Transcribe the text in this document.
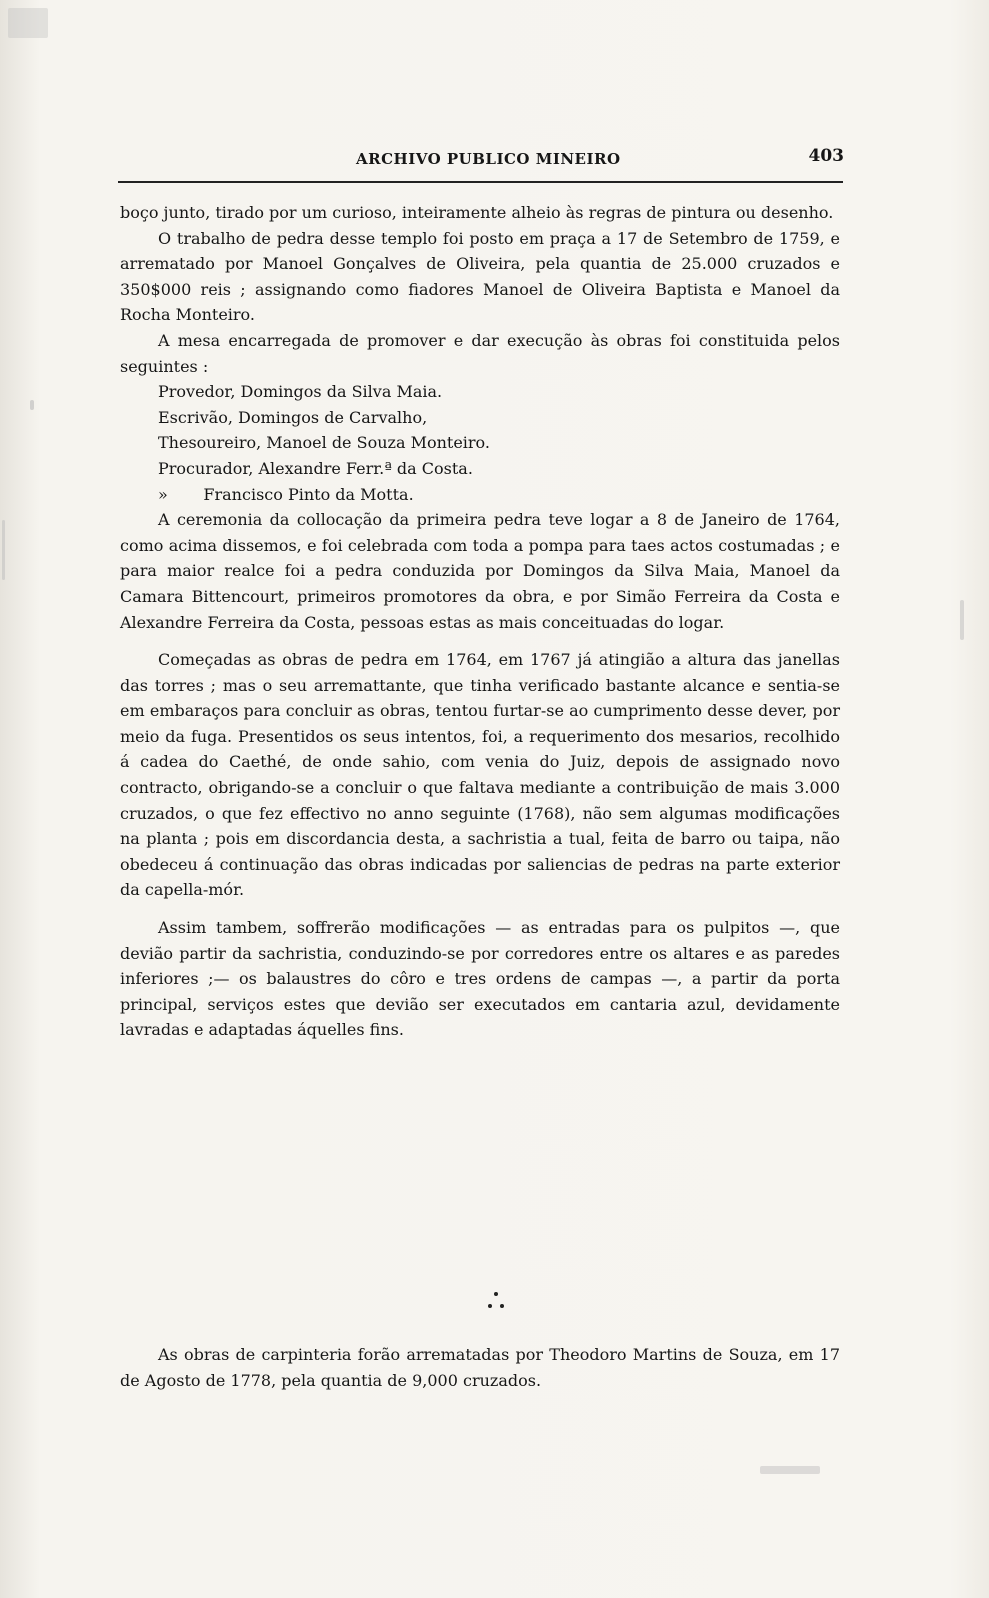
ARCHIVO PUBLICO MINEIRO	403

boço junto, tirado por um curioso, inteiramente alheio às regras de pintura ou desenho.

O trabalho de pedra desse templo foi posto em praça a 17 de Setembro de 1759, e arrematado por Manoel Gonçalves de Oliveira, pela quantia de 25.000 cruzados e 350$000 reis ; assignando como fiadores Manoel de Oliveira Baptista e Manoel da Rocha Monteiro.

A mesa encarregada de promover e dar execução às obras foi constituida pelos seguintes :

Provedor, Domingos da Silva Maia.

Escrivão, Domingos de Carvalho,

Thesoureiro, Manoel de Souza Monteiro.

Procurador, Alexandre Ferr.ª da Costa.

»       Francisco Pinto da Motta.

A ceremonia da collocação da primeira pedra teve logar a 8 de Janeiro de 1764, como acima dissemos, e foi celebrada com toda a pompa para taes actos costumadas ; e para maior realce foi a pedra conduzida por Domingos da Silva Maia, Manoel da Camara Bittencourt, primeiros promotores da obra, e por Simão Ferreira da Costa e Alexandre Ferreira da Costa, pessoas estas as mais conceituadas do logar.

Começadas as obras de pedra em 1764, em 1767 já atingião a altura das janellas das torres ; mas o seu arremattante, que tinha verificado bastante alcance e sentia-se em embaraços para concluir as obras, tentou furtar-se ao cumprimento desse dever, por meio da fuga. Presentidos os seus intentos, foi, a requerimento dos mesarios, recolhido á cadea do Caethé, de onde sahio, com venia do Juiz, depois de assignado novo contracto, obrigando-se a concluir o que faltava mediante a contribuição de mais 3.000 cruzados, o que fez effectivo no anno seguinte (1768), não sem algumas modificações na planta ; pois em discordancia desta, a sachristia a tual, feita de barro ou taipa, não obedeceu á continuação das obras indicadas por saliencias de pedras na parte exterior da capella-mór.

Assim tambem, soffrerão modificações — as entradas para os pulpitos —, que devião partir da sachristia, conduzindo-se por corredores entre os altares e as paredes inferiores ;— os balaustres do côro e tres ordens de campas —, a partir da porta principal, serviços estes que devião ser executados em cantaria azul, devidamente lavradas e adaptadas áquelles fins.

As obras de carpinteria forão arrematadas por Theodoro Martins de Souza, em 17 de Agosto de 1778, pela quantia de 9,000 cruzados.
